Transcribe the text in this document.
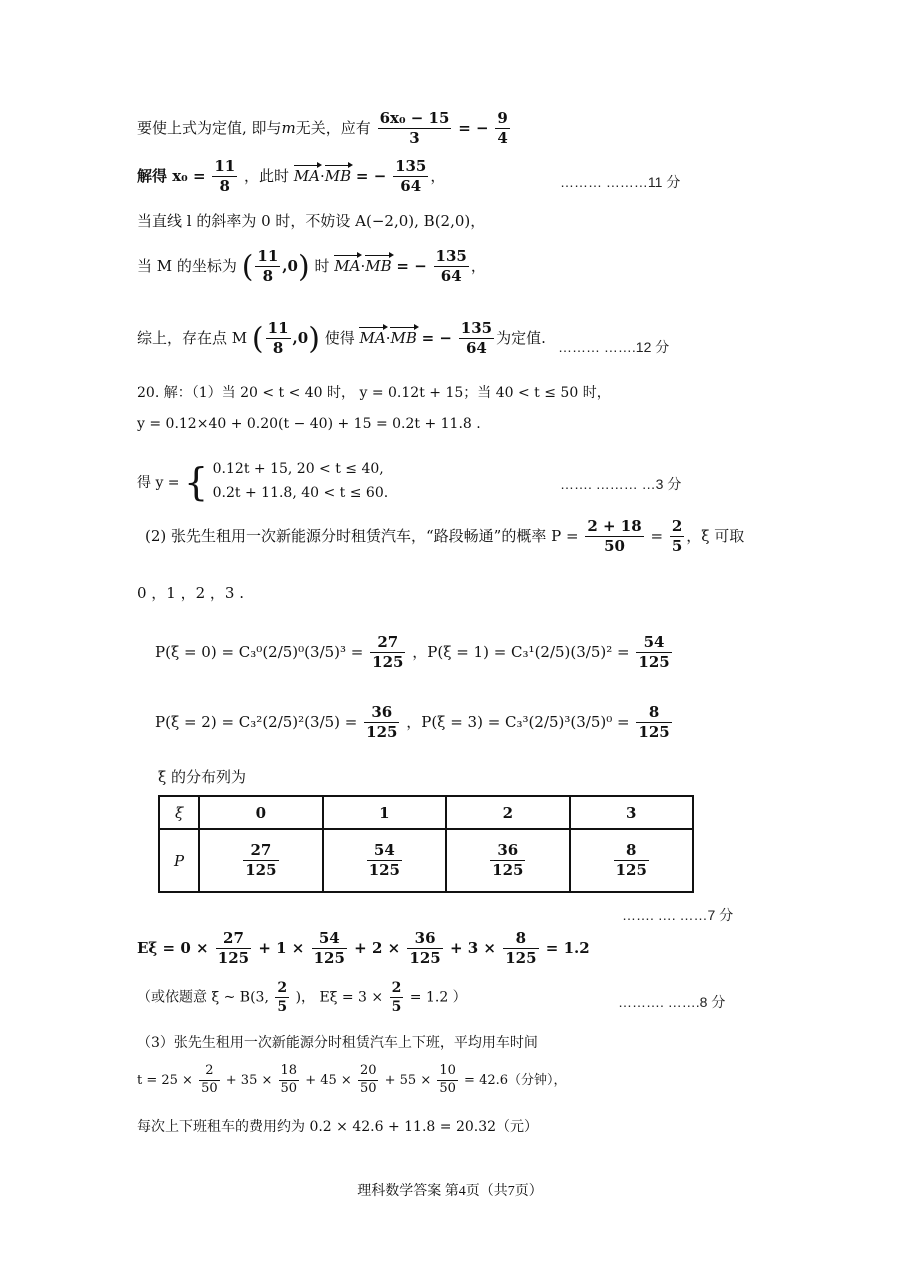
要使上式为定值, 即与m无关，应有 $\frac{\text{6x₀ − 15}}{3}$ = − $\frac{9}{4}$
解得 $x_0 = \frac{11}{8}$ ，此时 MA·MB = − $\frac{135}{64}$ ，	……… ………11 分
当直线 l 的斜率为 0 时，不妨设 A(−2,0), B(2,0)，
当 M 的坐标为 ( $\frac{11}{8} ,0$) 时 MA·MB = − $\frac{135}{64}$ ，
综上，存在点 M ( $\frac{11}{8} ,0$) 使得 MA·MB = − $\frac{135}{64}$ 为定值.
……… …….12 分
20. 解：（1）当 20 < t < 40 时， y = 0.12t + 15；当 40 < t ≤ 50 时，
y = 0.12×40 + 0.20(t − 40) + 15 = 0.2t + 11.8 .
得 y = { 0.12t + 15, 20 < t ≤ 40,
0.2t + 11.8, 40 < t ≤ 60.
……. ……… …3 分
(2) 张先生租用一次新能源分时租赁汽车，“路段畅通”的概率 $P = \frac{2 + 18}{50} = \frac{2}{5}$ ，ξ 可取
0 ，1 ，2 ，3 .
$P(\xi = 0) = C_3^0(2/5)^0(3/5)^3 = \frac{27}{125}$ ，$P(\xi = 1) = C_3^1(2/5)(3/5)^2 = \frac{54}{125}$
$P(\xi = 2) = C_3^2(2/5)^2(3/5) = \frac{36}{125}$ ，$P(\xi = 3) = C_3^3(2/5)^3(3/5)^0 = \frac{8}{125}$
ξ 的分布列为
ξ	0	1	2	3
P	$\frac{27}{125}$	$\frac{54}{125}$	$\frac{36}{125}$	$\frac{8}{125}$
……. …. ……7 分
$E\xi = 0 \times \frac{27}{125} + 1 \times \frac{54}{125} + 2 \times \frac{36}{125} + 3 \times \frac{8}{125} = 1.2$
（或依题意 ξ ~ B(3, $\frac{2}{5}$ )， $E\xi = 3 \times \frac{2}{5} = 1.2$ ）	………. …….8 分
（3）张先生租用一次新能源分时租赁汽车上下班，平均用车时间
$t = 25 \times \frac{2}{50} + 35 \times \frac{18}{50} + 45 \times \frac{20}{50} + 55 \times \frac{10}{50} = 42.6$（分钟），
每次上下班租车的费用约为 0.2 × 42.6 + 11.8 = 20.32（元）
理科数学答案 第4页（共7页）
